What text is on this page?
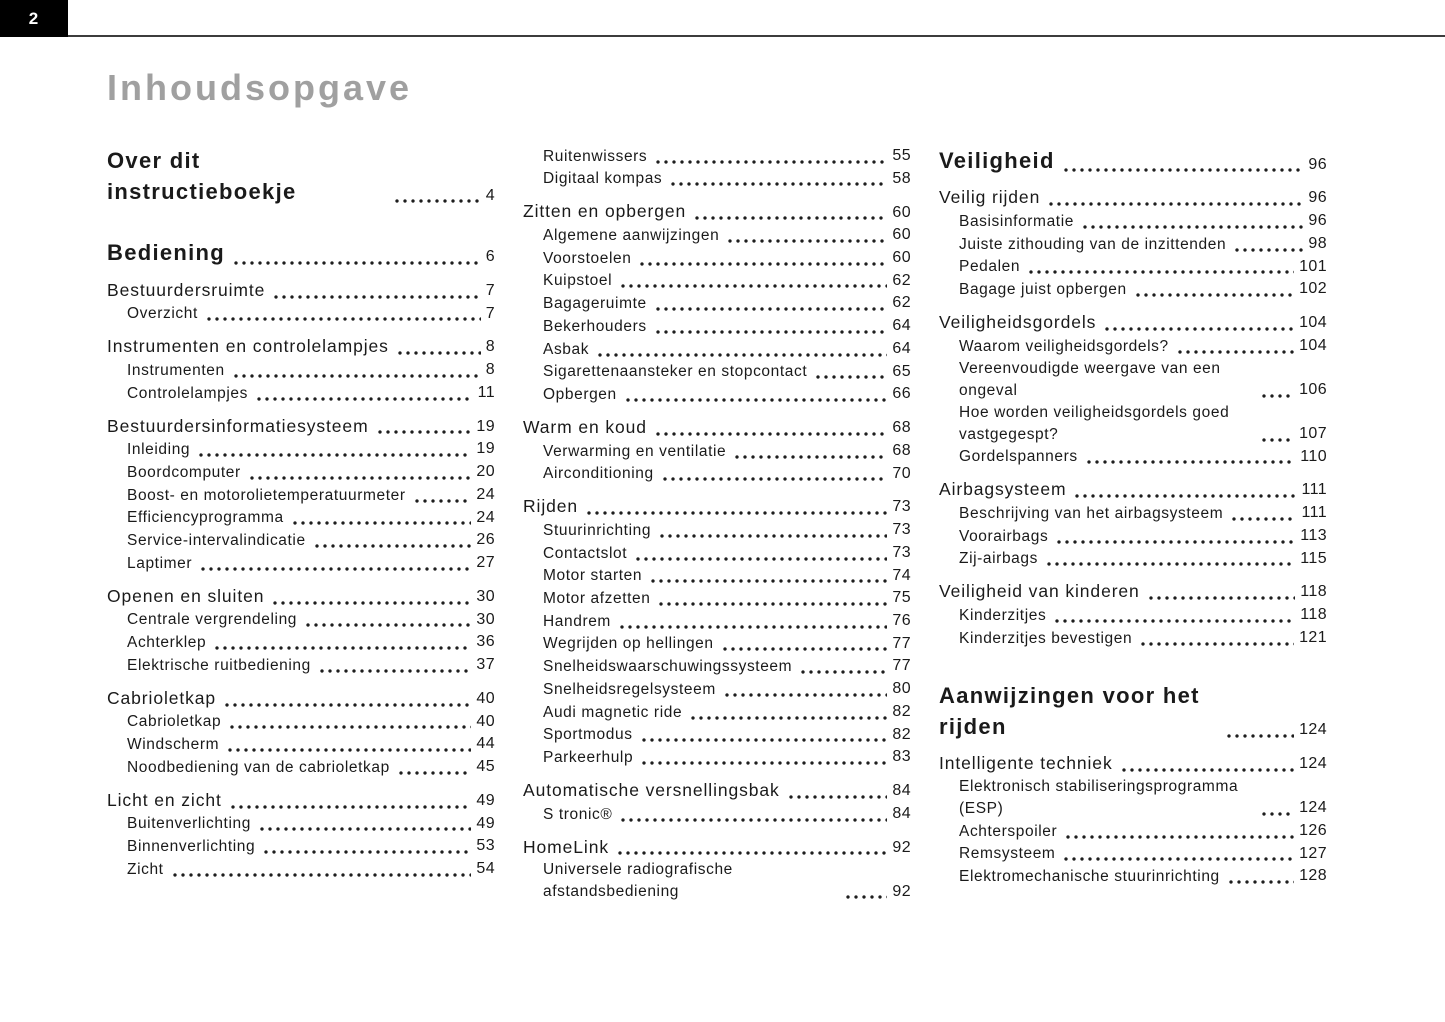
2
Inhoudsopgave
Over dit instructieboekje	4
Bediening	6
Bestuurdersruimte	7
Overzicht	7
Instrumenten en controlelampjes	8
Instrumenten	8
Controlelampjes	11
Bestuurdersinformatiesysteem	19
Inleiding	19
Boordcomputer	20
Boost- en motorolietemperatuurmeter	24
Efficiencyprogramma	24
Service-intervalindicatie	26
Laptimer	27
Openen en sluiten	30
Centrale vergrendeling	30
Achterklep	36
Elektrische ruitbediening	37
Cabrioletkap	40
Cabrioletkap	40
Windscherm	44
Noodbediening van de cabrioletkap	45
Licht en zicht	49
Buitenverlichting	49
Binnenverlichting	53
Zicht	54
Ruitenwissers	55
Digitaal kompas	58
Zitten en opbergen	60
Algemene aanwijzingen	60
Voorstoelen	60
Kuipstoel	62
Bagageruimte	62
Bekerhouders	64
Asbak	64
Sigarettenaansteker en stopcontact	65
Opbergen	66
Warm en koud	68
Verwarming en ventilatie	68
Airconditioning	70
Rijden	73
Stuurinrichting	73
Contactslot	73
Motor starten	74
Motor afzetten	75
Handrem	76
Wegrijden op hellingen	77
Snelheidswaarschuwingssysteem	77
Snelheidsregelsysteem	80
Audi magnetic ride	82
Sportmodus	82
Parkeerhulp	83
Automatische versnellingsbak	84
S tronic®	84
HomeLink	92
Universele radiografische afstandsbediening	92
Veiligheid	96
Veilig rijden	96
Basisinformatie	96
Juiste zithouding van de inzittenden	98
Pedalen	101
Bagage juist opbergen	102
Veiligheidsgordels	104
Waarom veiligheidsgordels?	104
Vereenvoudigde weergave van een ongeval	106
Hoe worden veiligheidsgordels goed vastgegespt?	107
Gordelspanners	110
Airbagsysteem	111
Beschrijving van het airbagsysteem	111
Voorairbags	113
Zij-airbags	115
Veiligheid van kinderen	118
Kinderzitjes	118
Kinderzitjes bevestigen	121
Aanwijzingen voor het rijden	124
Intelligente techniek	124
Elektronisch stabiliseringsprogramma (ESP)	124
Achterspoiler	126
Remsysteem	127
Elektromechanische stuurinrichting	128
